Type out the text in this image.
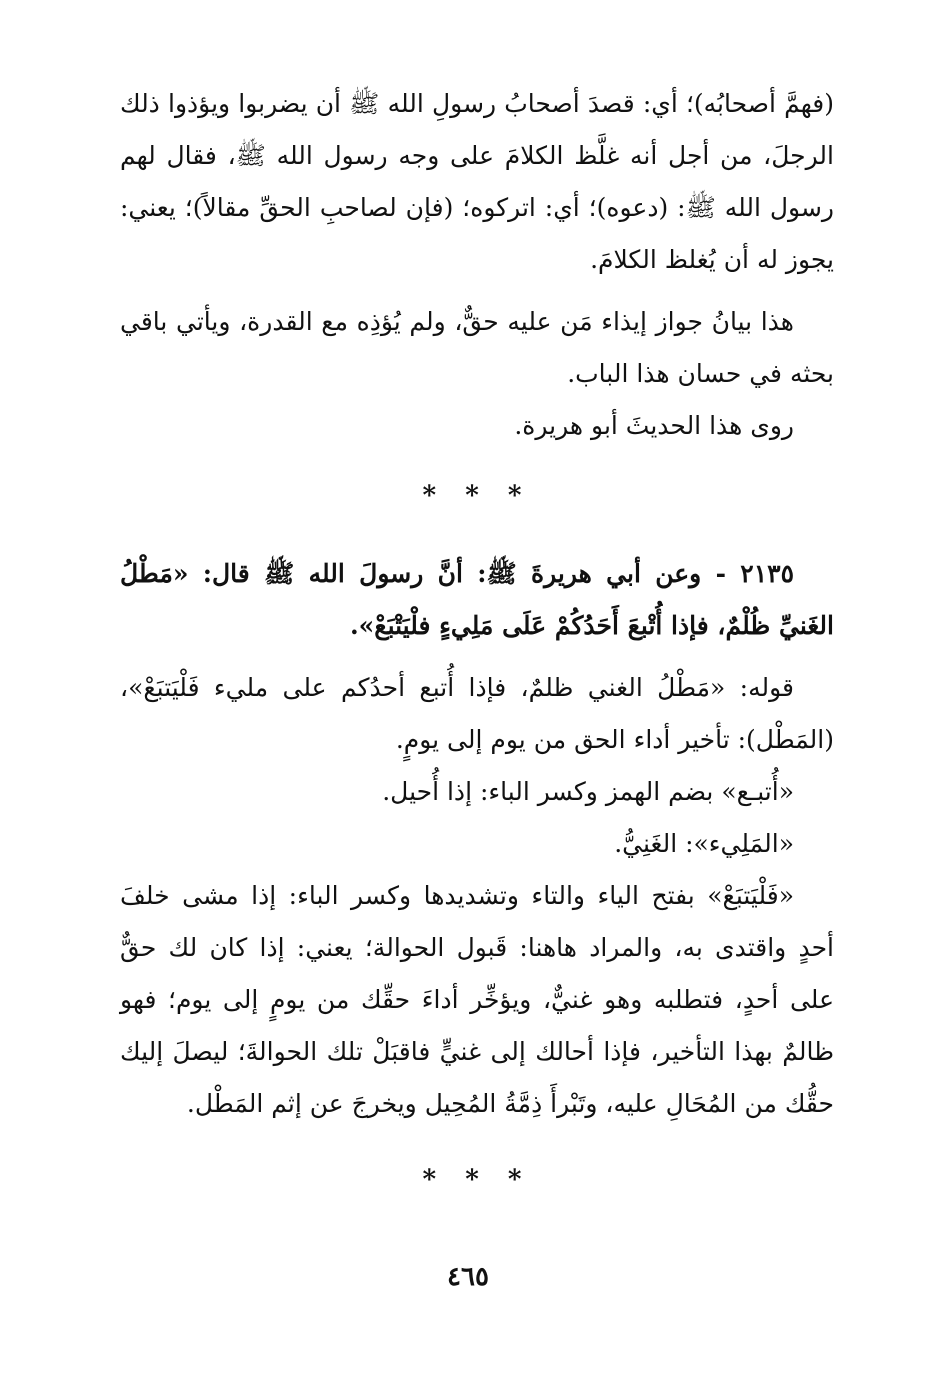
(فهمَّ أصحابُه)؛ أي: قصدَ أصحابُ رسولِ الله ﷺ أن يضربوا ويؤذوا ذلك الرجلَ، من أجل أنه غلَّظ الكلامَ على وجه رسول الله ﷺ، فقال لهم رسول الله ﷺ: (دعوه)؛ أي: اتركوه؛ (فإن لصاحبِ الحقِّ مقالاً)؛ يعني: يجوز له أن يُغلظ الكلامَ.

هذا بيانُ جواز إيذاء مَن عليه حقٌّ، ولم يُؤذِه مع القدرة، ويأتي باقي بحثه في حسان هذا الباب.

روى هذا الحديثَ أبو هريرة.

* * *

٢١٣٥ - وعن أبي هريرةَ ﷺ: أنَّ رسولَ الله ﷺ قال: «مَطْلُ الغَنيِّ ظُلْمٌ، فإذا أُتْبعَ أَحَدُكُمْ عَلَى مَلِيءٍ فلْيَتْبَعْ».

قوله: «مَطْلُ الغني ظلمٌ، فإذا أُتبع أحدُكم على مليء فَلْيَتبَعْ»، (المَطْل): تأخير أداء الحق من يوم إلى يومٍ.

«أُتبـع» بضم الهمز وكسر الباء: إذا أُحيل.

«المَلِيء»: الغَنِيُّ.

«فَلْيَتبَعْ» بفتح الياء والتاء وتشديدها وكسر الباء: إذا مشى خلفَ أحدٍ واقتدى به، والمراد هاهنا: قَبول الحوالة؛ يعني: إذا كان لك حقٌّ على أحدٍ، فتطلبه وهو غنيٌّ، ويؤخِّر أداءَ حقِّك من يومٍ إلى يوم؛ فهو ظالمٌ بهذا التأخير، فإذا أحالك إلى غنيٍّ فاقبَلْ تلك الحوالةَ؛ ليصلَ إليك حقُّك من المُحَالِ عليه، وتَبْرأَ ذِمَّةُ المُحِيل ويخرجَ عن إثم المَطْل.

* * *
٤٦٥
